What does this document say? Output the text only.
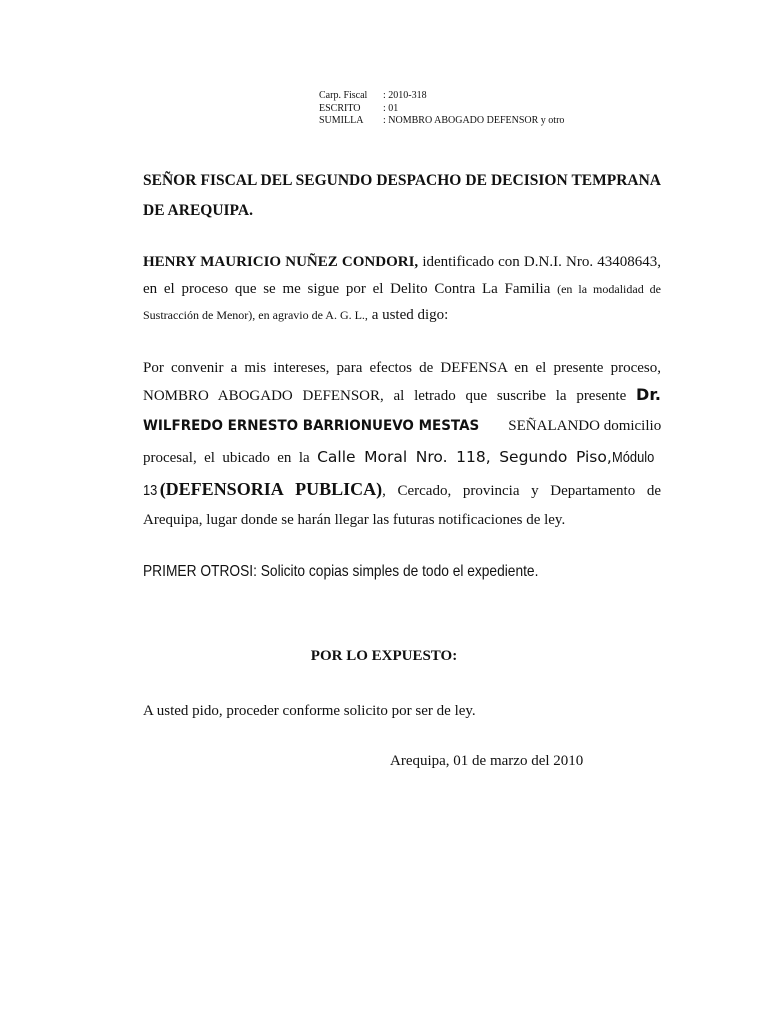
Carp. Fiscal	: 2010-318
ESCRITO	: 01
SUMILLA	: NOMBRO ABOGADO DEFENSOR y otro
SEÑOR FISCAL DEL SEGUNDO DESPACHO DE DECISION TEMPRANA
DE AREQUIPA.
HENRY MAURICIO NUÑEZ CONDORI, identificado con D.N.I. Nro. 43408643,
en el proceso que se me sigue por el Delito Contra La Familia (en la modalidad de
Sustracción de Menor), en agravio de A. G. L., a usted digo:
Por convenir a mis intereses, para efectos de DEFENSA en el presente proceso,
NOMBRO ABOGADO DEFENSOR, al letrado que suscribe la presente Dr.
WILFREDO ERNESTO BARRIONUEVO MESTAS SEÑALANDO domicilio
procesal, el ubicado en la Calle Moral Nro. 118, Segundo Piso,Módulo
13(DEFENSORIA PUBLICA), Cercado, provincia y Departamento de
Arequipa, lugar donde se harán llegar las futuras notificaciones de ley.
PRIMER OTROSI: Solicito copias simples de todo el expediente.
POR LO EXPUESTO:
A usted pido, proceder conforme solicito por ser de ley.
Arequipa, 01 de marzo del 2010
